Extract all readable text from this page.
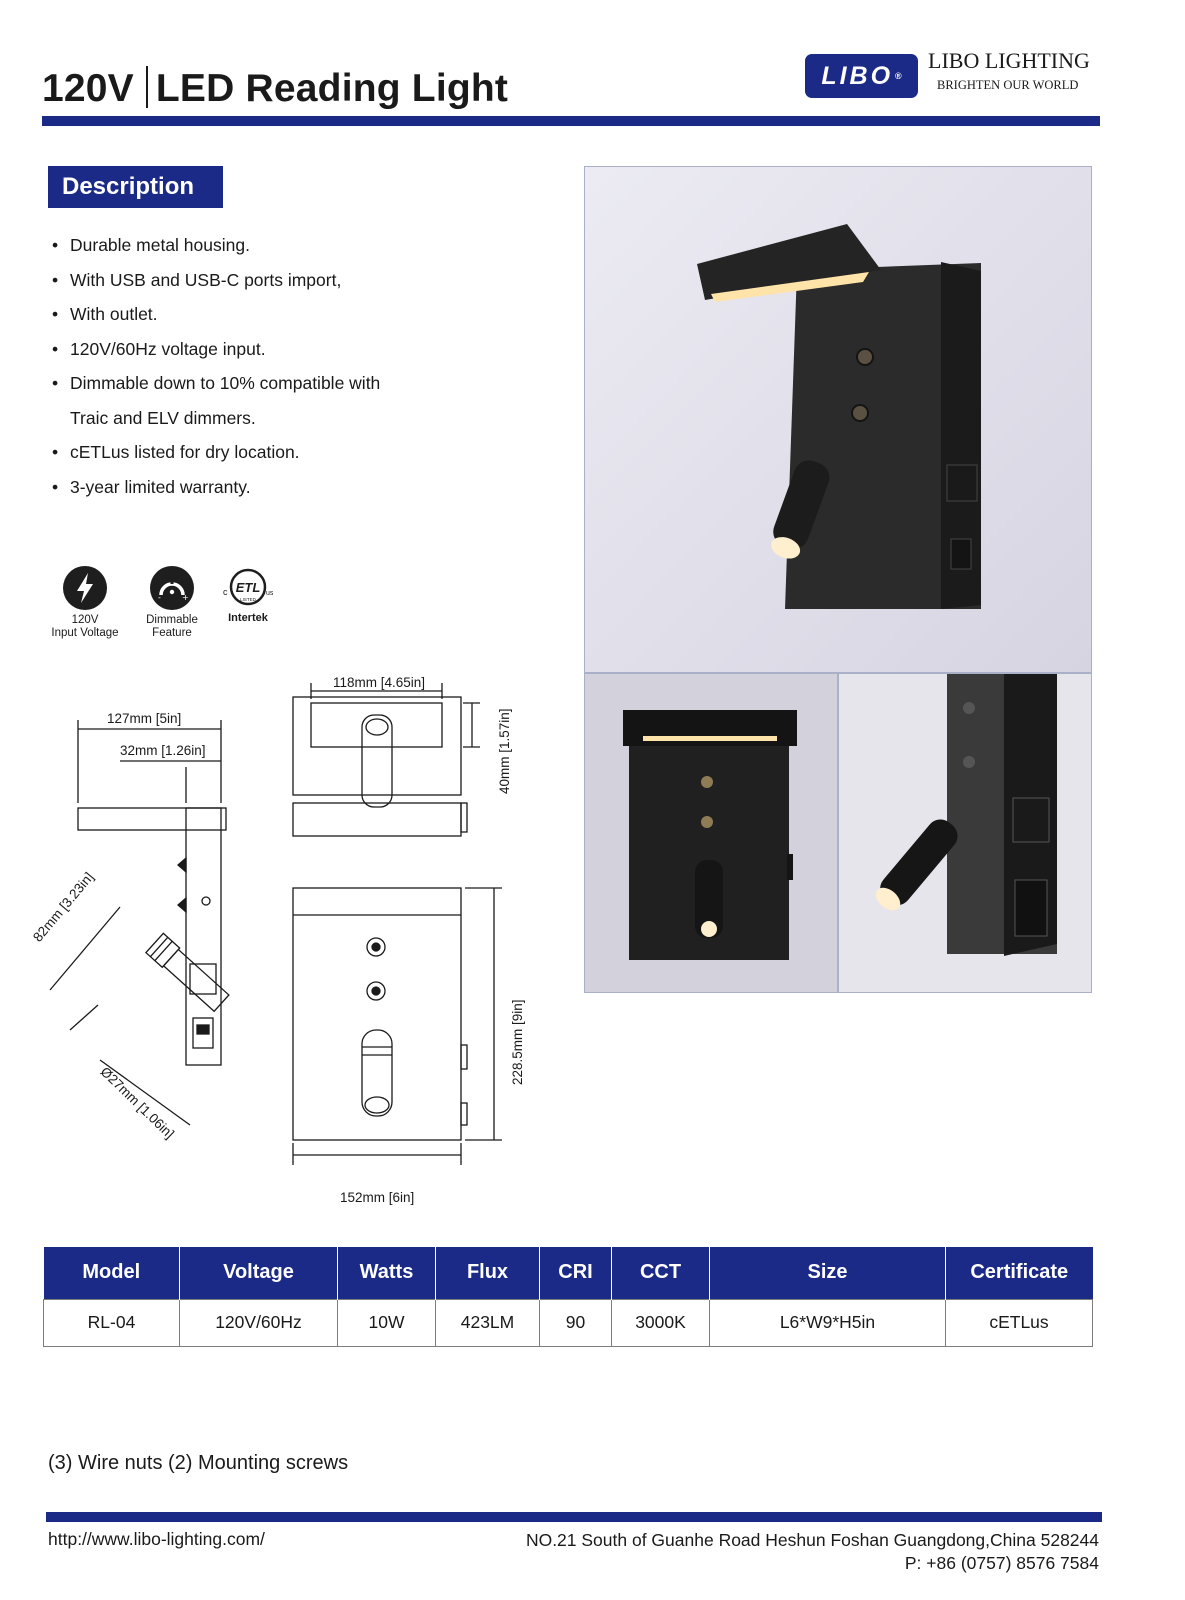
120V LED Reading Light	LIBO ®
LIBO LIGHTING
BRIGHTEN OUR WORLD
Description
• Durable metal housing.
• With USB and USB-C ports import,
• With outlet.
• 120V/60Hz voltage input.
• Dimmable down to 10% compatible with
Traic and ELV dimmers.
• cETLus listed for dry location.
• 3-year limited warranty.
120V
Input Voltage
-	+
Dimmable
Feature
ETL
LISTED
c	us
Intertek
127mm [5in]
32mm [1.26in]
82mm [3.23in]
Ø27mm [1.06in]
118mm [4.65in]
40mm [1.57in]
228.5mm [9in]
152mm [6in]
Model	Voltage	Watts	Flux	CRI	CCT	Size	Certificate
RL-04	120V/60Hz	10W	423LM	90	3000K	L6*W9*H5in	cETLus
(3) Wire nuts (2) Mounting screws
http://www.libo-lighting.com/	NO.21 South of Guanhe Road Heshun Foshan Guangdong,China 528244
P: +86 (0757) 8576 7584
